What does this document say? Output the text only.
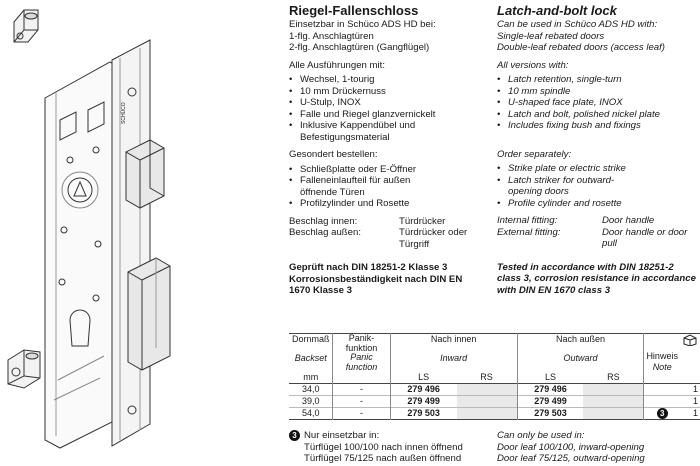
SCHÜCO
Riegel-Fallenschloss	Latch-and-bolt lock

Einsetzbar in Schüco ADS HD bei:

1-flg. Anschlagtüren

2-flg. Anschlagtüren (Gangflügel)

Alle Ausführungen mit:

• Wechsel, 1-tourig
• 10 mm Drückernuss
• U-Stulp, INOX
• Falle und Riegel glanzvernickelt
• Inklusive Kappendübel und Befestigungsmaterial

Gesondert bestellen:

• Schließplatte oder E-Öffner
• Falleneinlaufteil für außen öffnende Türen
• Profilzylinder und Rosette
Beschlag innen:	Türdrücker
Beschlag außen:	Türdrücker oder Türgriff

Geprüft nach DIN 18251-2 Klasse 3 Korrosionsbeständigkeit nach DIN EN 1670 Klasse 3

Can be used in Schüco ADS HD with:

Single-leaf rebated doors

Double-leaf rebated doors (access leaf)

All versions with:

• Latch retention, single-turn
• 10 mm spindle
• U-shaped face plate, INOX
• Latch and bolt, polished nickel plate
• Includes fixing bush and fixings

Order separately:

• Strike plate or electric strike
• Latch striker for outward-opening doors
• Profile cylinder and rosette
Internal fitting:	Door handle
External fitting:	Door handle or door pull

Tested in accordance with DIN 18251-2 class 3, corrosion resistance in accordance with DIN EN 1670 class 3

Dornmaß	Panik-funktion	Nach innen		Nach außen		Hinweis
Note	
Backset	Panic function	Inward		Outward			
mm		LS	RS	LS	RS		
34,0	-	279 496		279 496			1
39,0	-	279 499		279 499			1
54,0	-	279 503		279 503		3	1
3 Nur einsetzbar in:
Türflügel 100/100 nach innen öffnend
Türflügel 75/125 nach außen öffnend
Can only be used in:
Door leaf 100/100, inward-opening
Door leaf 75/125, outward-opening
